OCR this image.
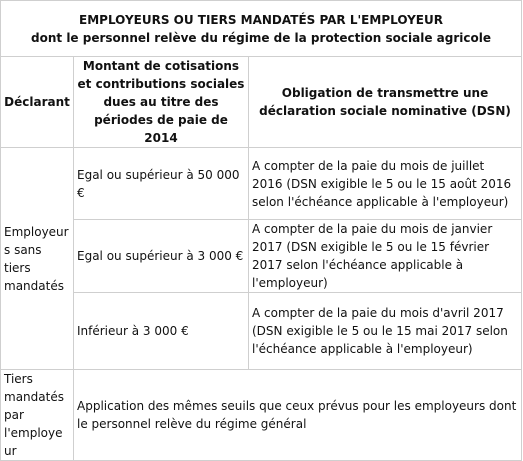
EMPLOYEURS OU TIERS MANDATÉS PAR L'EMPLOYEUR
dont le personnel relève du régime de la protection sociale agricole		

Déclarant	Montant de cotisations et contributions sociales dues au titre des périodes de paie de 2014	Obligation de transmettre une déclaration sociale nominative (DSN)
Employeurs sans tiers mandatés	Egal ou supérieur à 50 000 €	A compter de la paie du mois de juillet 2016 (DSN exigible le 5 ou le 15 août 2016 selon l'échéance applicable à l'employeur)
	Egal ou supérieur à 3 000 €	A compter de la paie du mois de janvier 2017 (DSN exigible le 5 ou le 15 février 2017 selon l'échéance applicable à l'employeur)
	Inférieur à 3 000 €	A compter de la paie du mois d'avril 2017 (DSN exigible le 5 ou le 15 mai 2017 selon l'échéance applicable à l'employeur)
Tiers mandatés par l'employeur	Application des mêmes seuils que ceux prévus pour les employeurs dont le personnel relève du régime général	
